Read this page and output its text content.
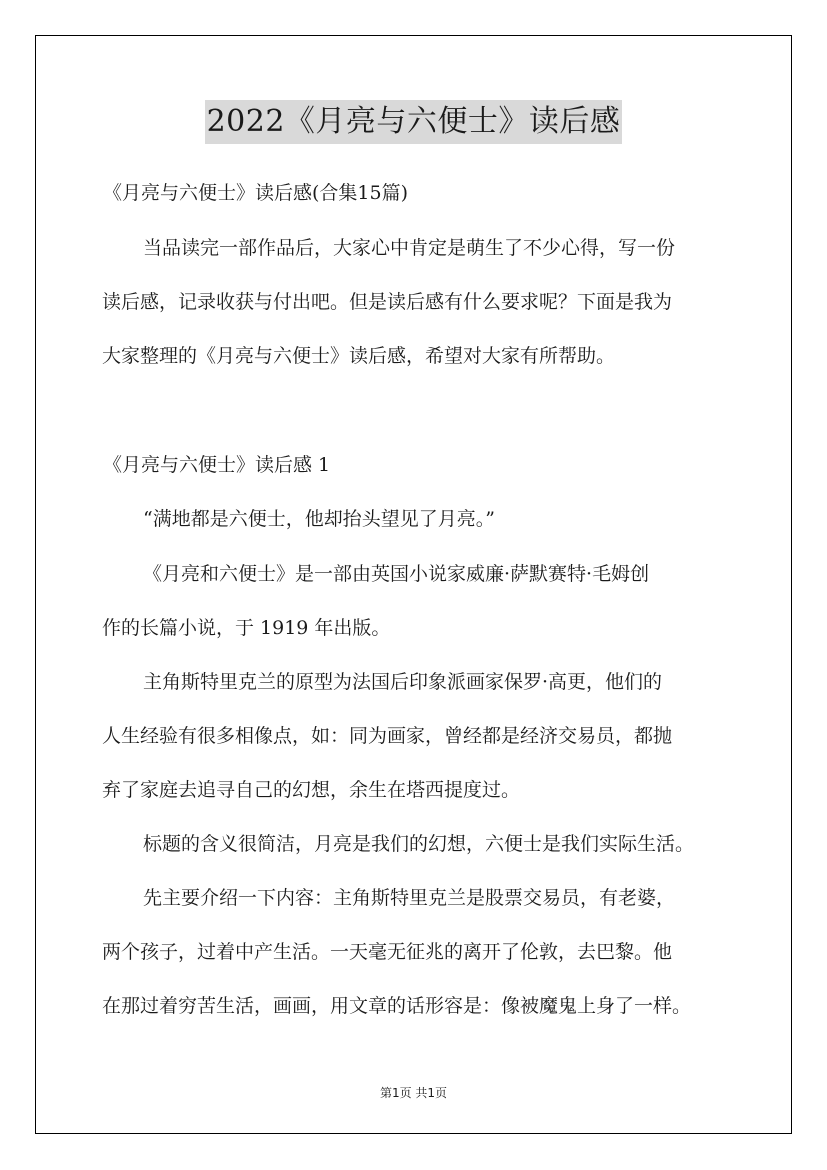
2022《月亮与六便士》读后感
《月亮与六便士》读后感(合集15篇)
当品读完一部作品后，大家心中肯定是萌生了不少心得，写一份
读后感，记录收获与付出吧。但是读后感有什么要求呢？下面是我为
大家整理的《月亮与六便士》读后感，希望对大家有所帮助。
《月亮与六便士》读后感 1
“满地都是六便士，他却抬头望见了月亮。”
《月亮和六便士》是一部由英国小说家威廉·萨默赛特·毛姆创
作的长篇小说，于 1919 年出版。
主角斯特里克兰的原型为法国后印象派画家保罗·高更，他们的
人生经验有很多相像点，如：同为画家，曾经都是经济交易员，都抛
弃了家庭去追寻自己的幻想，余生在塔西提度过。
标题的含义很简洁，月亮是我们的幻想，六便士是我们实际生活。
先主要介绍一下内容：主角斯特里克兰是股票交易员，有老婆，
两个孩子，过着中产生活。一天毫无征兆的离开了伦敦，去巴黎。他
在那过着穷苦生活，画画，用文章的话形容是：像被魔鬼上身了一样。
第1页 共1页
